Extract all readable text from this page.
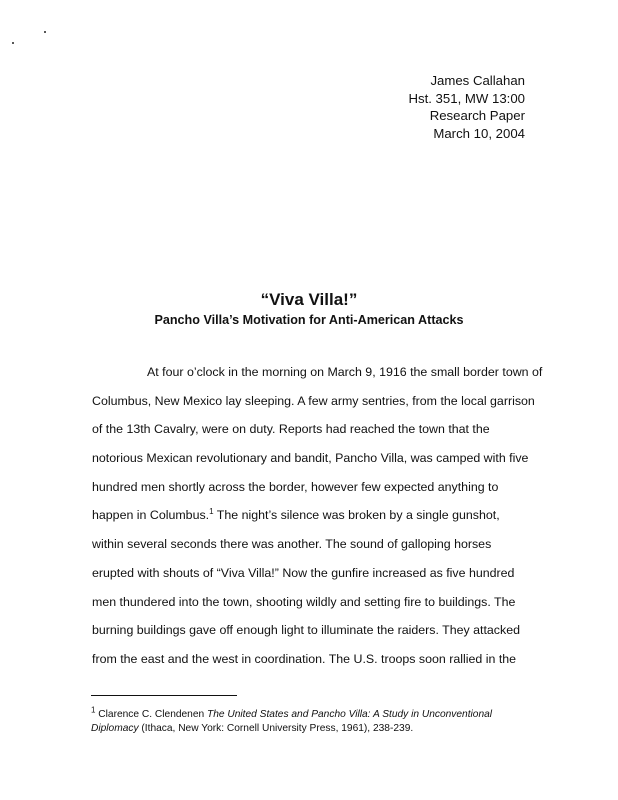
James Callahan
Hst. 351, MW 13:00
Research Paper
March 10, 2004
“Viva Villa!”
Pancho Villa’s Motivation for Anti-American Attacks
At four o’clock in the morning on March 9, 1916 the small border town of
Columbus, New Mexico lay sleeping. A few army sentries, from the local garrison
of the 13th Cavalry, were on duty. Reports had reached the town that the
notorious Mexican revolutionary and bandit, Pancho Villa, was camped with five
hundred men shortly across the border, however few expected anything to
happen in Columbus.$^1$ The night’s silence was broken by a single gunshot,
within several seconds there was another. The sound of galloping horses
erupted with shouts of “Viva Villa!” Now the gunfire increased as five hundred
men thundered into the town, shooting wildly and setting fire to buildings. The
burning buildings gave off enough light to illuminate the raiders. They attacked
from the east and the west in coordination. The U.S. troops soon rallied in the
$^1$ Clarence C. Clendenen The United States and Pancho Villa: A Study in Unconventional
Diplomacy (Ithaca, New York: Cornell University Press, 1961), 238-239.
